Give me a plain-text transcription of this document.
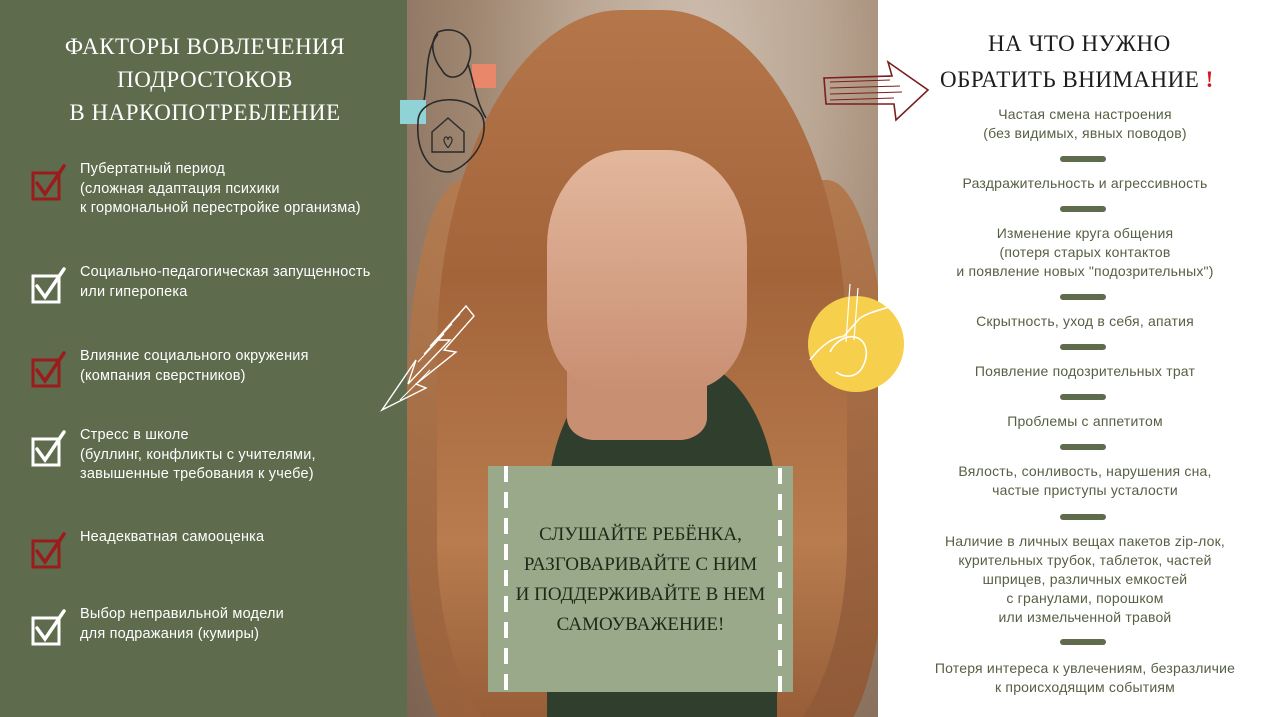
ФАКТОРЫ ВОВЛЕЧЕНИЯ
ПОДРОСТОКОВ
В НАРКОПОТРЕБЛЕНИЕ
Пубертатный период
(сложная адаптация психики
к гормональной перестройке организма)
Социально-педагогическая запущенность
или гиперопека
Влияние социального окружения
(компания сверстников)
Стресс в школе
(буллинг, конфликты с учителями,
завышенные требования к учебе)
Неадекватная самооценка
Выбор неправильной модели
для подражания (кумиры)
СЛУШАЙТЕ РЕБЁНКА,
РАЗГОВАРИВАЙТЕ С НИМ
И ПОДДЕРЖИВАЙТЕ В НЕМ
САМОУВАЖЕНИЕ!
НА ЧТО НУЖНО
ОБРАТИТЬ ВНИМАНИЕ !
Частая смена настроения
(без видимых, явных поводов)
Раздражительность и агрессивность
Изменение круга общения
(потеря старых контактов
и появление новых "подозрительных")
Скрытность, уход в себя, апатия
Появление подозрительных трат
Проблемы с аппетитом
Вялость, сонливость, нарушения сна,
частые приступы усталости
Наличие в личных вещах пакетов zip-лок,
курительных трубок, таблеток, частей
шприцев, различных емкостей
с гранулами, порошком
или измельченной травой
Потеря интереса к увлечениям, безразличие
к происходящим событиям
